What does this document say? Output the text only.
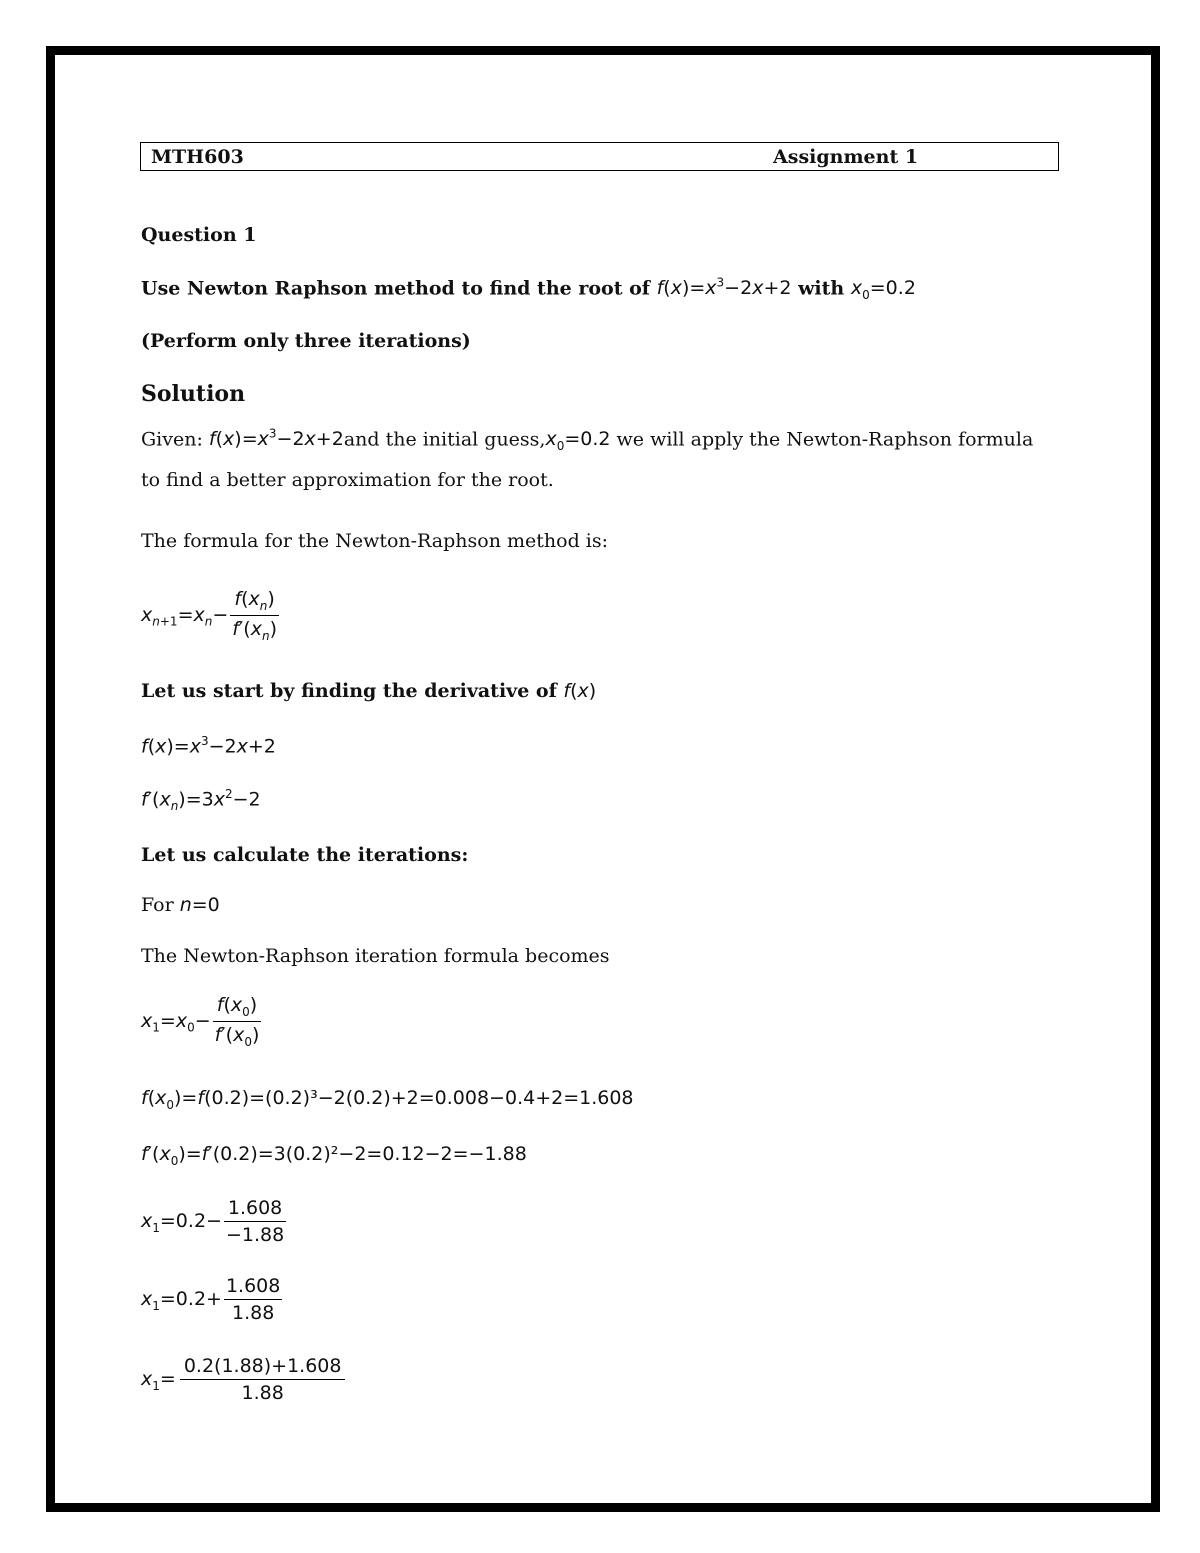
MTH603	Assignment 1
Question 1
Use Newton Raphson method to find the root of $f(x)=x^3-2x+2$ with $x_0=0.2$
(Perform only three iterations)
Solution
Given: $f(x)=x^3-2x+2and$ the initial $guess,x_0=0.2$ we will apply the Newton-Raphson formula
to find a better approximation for the root.
The formula for the Newton-Raphson method is:
$x_{n+1}=x_n- \frac{f(x_n)}{f'(x_n)}$
Let us start by finding the derivative of f(x)
$f(x)=x^3-2x+2$
$f'(x_n)=3x^2-2$
Let us calculate the iterations:
For n=0
The Newton-Raphson iteration formula becomes
$x_1=x_0- \frac{f(x_0)}{f'(x_0)}$
$f(x_0)=f(0.2)=(0.2)^3-2(0.2)+2=0.008-0.4+2=1.608$
$f'(x_0)=f'(0.2)=3(0.2)^2-2=0.12-2=-1.88$
$x_1=0.2- \frac{1.608}{-1.88}$
$x_1=0.2+ \frac{1.608}{1.88}$
$x_1= \frac{0.2(1.88)+1.608}{1.88}$
